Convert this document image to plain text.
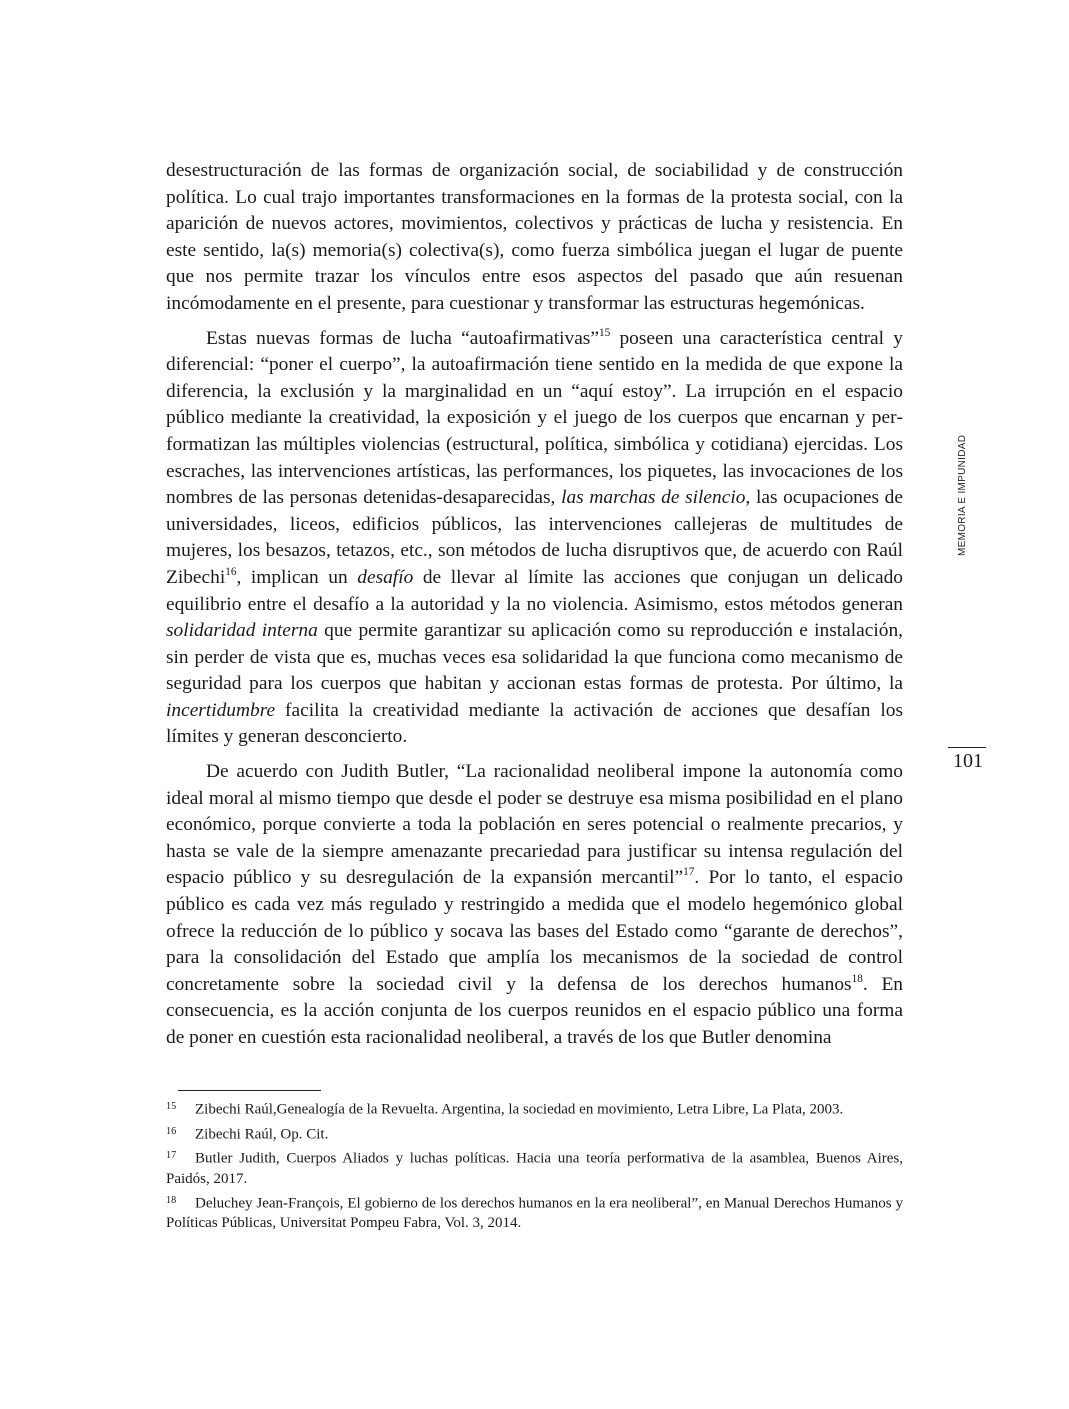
desestructuración de las formas de organización social, de sociabilidad y de construcción política. Lo cual trajo importantes transformaciones en la formas de la protesta social, con la aparición de nuevos actores, movimientos, colectivos y prácticas de lucha y resistencia. En este sentido, la(s) memoria(s) colectiva(s), como fuerza simbólica juegan el lugar de puente que nos permite trazar los vínculos entre esos aspectos del pasado que aún resuenan incómodamente en el presente, para cuestionar y transformar las estructuras hegemónicas.

Estas nuevas formas de lucha “autoafirmativas”$^{15}$ poseen una característica central y diferencial: “poner el cuerpo”, la autoafirmación tiene sentido en la medida de que expone la diferencia, la exclusión y la marginalidad en un “aquí estoy”. La irrupción en el espacio público mediante la creatividad, la exposición y el juego de los cuerpos que encarnan y performatizan las múltiples violencias (estructural, política, simbólica y cotidiana) ejercidas. Los escraches, las intervenciones artísticas, las performances, los piquetes, las invocaciones de los nombres de las personas detenidas-desaparecidas, las marchas de silencio, las ocupaciones de universidades, liceos, edificios públicos, las intervenciones callejeras de multitudes de mujeres, los besazos, tetazos, etc., son métodos de lucha disruptivos que, de acuerdo con Raúl Zibechi$^{16}$, implican un desafío de llevar al límite las acciones que conjugan un delicado equilibrio entre el desafío a la autoridad y la no violencia. Asimismo, estos métodos generan solidaridad interna que permite garantizar su aplicación como su reproducción e instalación, sin perder de vista que es, muchas veces esa solidaridad la que funciona como mecanismo de seguridad para los cuerpos que habitan y accionan estas formas de protesta. Por último, la incertidumbre facilita la creatividad mediante la activación de acciones que desafían los límites y generan desconcierto.

De acuerdo con Judith Butler, “La racionalidad neoliberal impone la autonomía como ideal moral al mismo tiempo que desde el poder se destruye esa misma posibilidad en el plano económico, porque convierte a toda la población en seres potencial o realmente precarios, y hasta se vale de la siempre amenazante precariedad para justificar su intensa regulación del espacio público y su desregulación de la expansión mercantil”$^{17}$. Por lo tanto, el espacio público es cada vez más regulado y restringido a medida que el modelo hegemónico global ofrece la reducción de lo público y socava las bases del Estado como “garante de derechos”, para la consolidación del Estado que amplía los mecanismos de la sociedad de control concretamente sobre la sociedad civil y la defensa de los derechos humanos$^{18}$. En consecuencia, es la acción conjunta de los cuerpos reunidos en el espacio público una forma de poner en cuestión esta racionalidad neoliberal, a través de los que Butler denomina

MEMORIA E IMPUNIDAD
101
15 Zibechi Raúl,Genealogía de la Revuelta. Argentina, la sociedad en movimiento, Letra Libre, La Plata, 2003.
16 Zibechi Raúl, Op. Cit.
17 Butler Judith, Cuerpos Aliados y luchas políticas. Hacia una teoría performativa de la asamblea, Buenos Aires, Paidós, 2017.
18 Deluchey Jean-François, El gobierno de los derechos humanos en la era neoliberal”, en Manual Derechos Humanos y Políticas Públicas, Universitat Pompeu Fabra, Vol. 3, 2014.
